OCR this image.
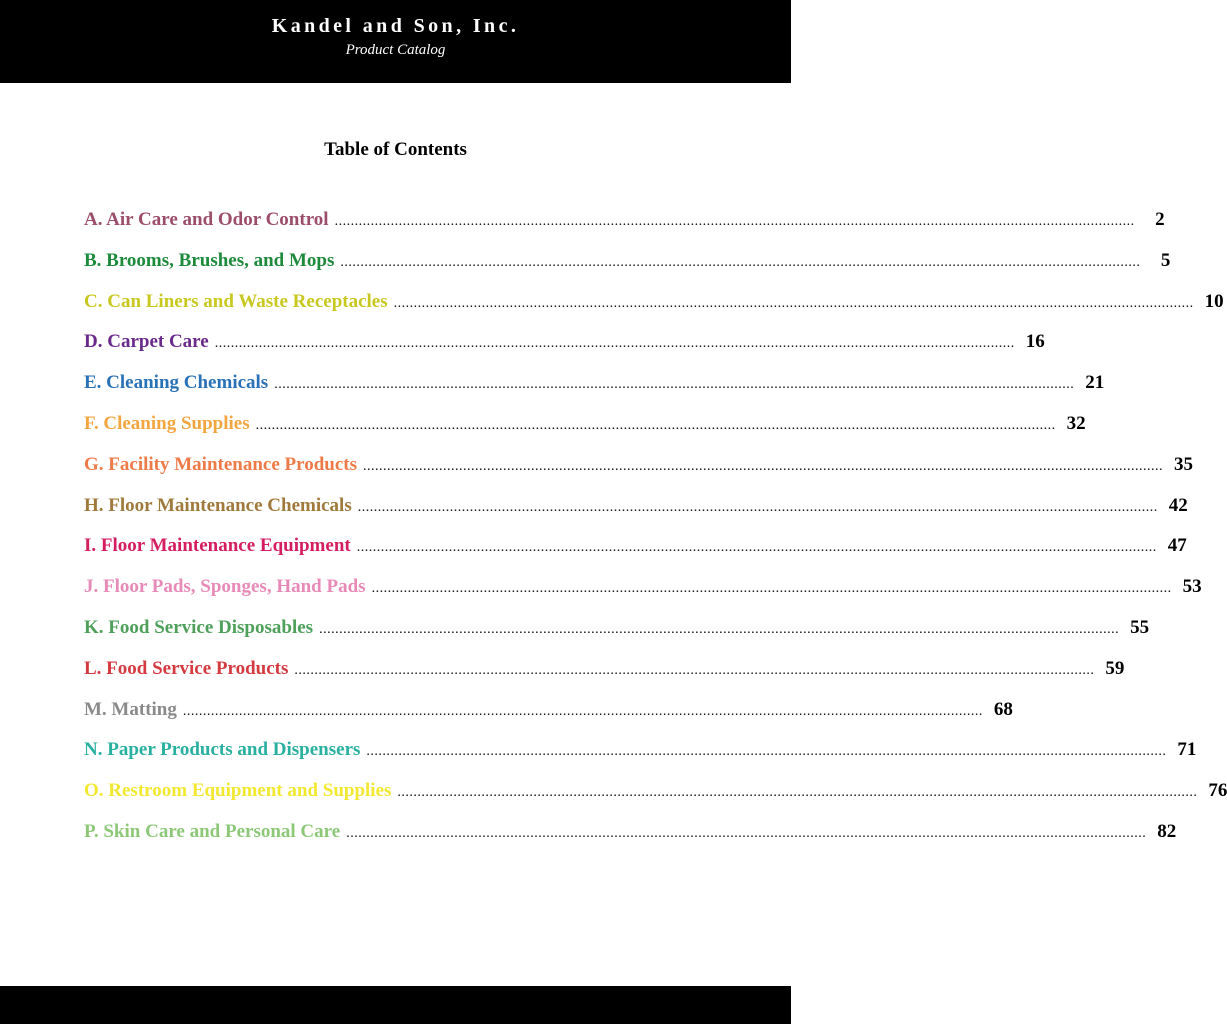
Kandel and Son, Inc.
Product Catalog
Table of Contents
A. Air Care and Odor Control ........................................................................................................................................................................................................	2
B. Brooms, Brushes, and Mops ........................................................................................................................................................................................................	5
C. Can Liners and Waste Receptacles ........................................................................................................................................................................................................ 10
D. Carpet Care ........................................................................................................................................................................................................ 16
E. Cleaning Chemicals ........................................................................................................................................................................................................ 21
F. Cleaning Supplies ........................................................................................................................................................................................................ 32
G. Facility Maintenance Products ........................................................................................................................................................................................................ 35
H. Floor Maintenance Chemicals ........................................................................................................................................................................................................ 42
I. Floor Maintenance Equipment ........................................................................................................................................................................................................ 47
J. Floor Pads, Sponges, Hand Pads ........................................................................................................................................................................................................ 53
K. Food Service Disposables ........................................................................................................................................................................................................ 55
L. Food Service Products ........................................................................................................................................................................................................ 59
M. Matting ........................................................................................................................................................................................................ 68
N. Paper Products and Dispensers ........................................................................................................................................................................................................ 71
O. Restroom Equipment and Supplies ........................................................................................................................................................................................................ 76
P. Skin Care and Personal Care ........................................................................................................................................................................................................ 82
